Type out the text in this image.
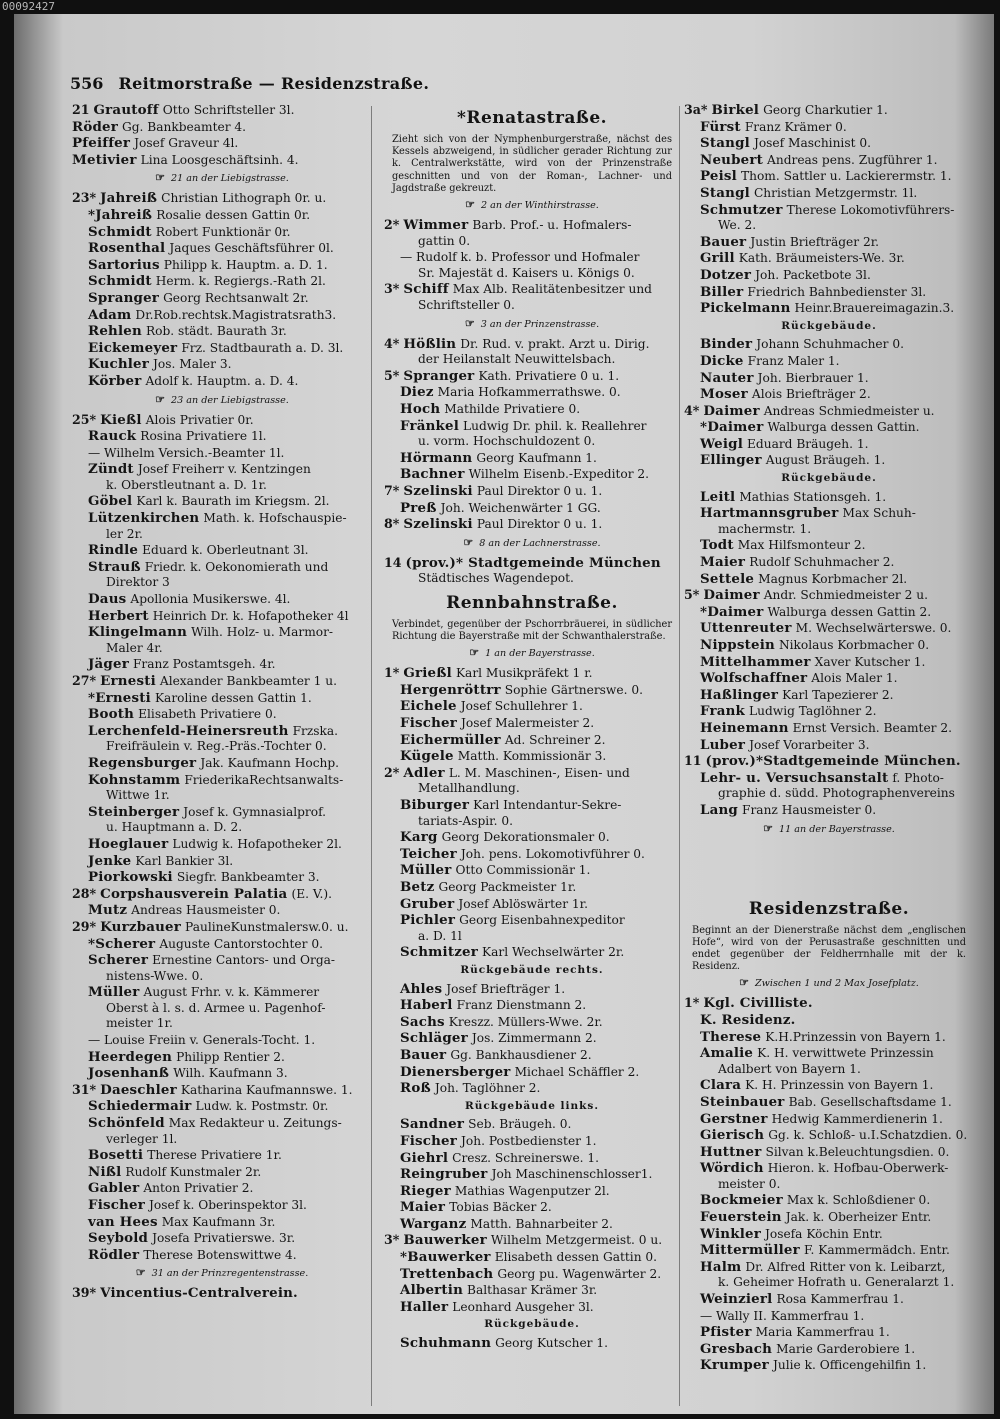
00092427
556 Reitmorstraße — Residenzstraße.
21 Grautoff Otto Schriftsteller 3l.
Röder Gg. Bankbeamter 4.
Pfeiffer Josef Graveur 4l.
Metivier Lina Loosgeschäftsinh. 4.
☞ 21 an der Liebigstrasse.
23* Jahreiß Christian Lithograph 0r. u.
*Jahreiß Rosalie dessen Gattin 0r.
Schmidt Robert Funktionär 0r.
Rosenthal Jaques Geschäftsführer 0l.
Sartorius Philipp k. Hauptm. a. D. 1.
Schmidt Herm. k. Regiergs.-Rath 2l.
Spranger Georg Rechtsanwalt 2r.
Adam Dr.Rob.rechtsk.Magistratsrath3.
Rehlen Rob. städt. Baurath 3r.
Eickemeyer Frz. Stadtbaurath a. D. 3l.
Kuchler Jos. Maler 3.
Körber Adolf k. Hauptm. a. D. 4.
☞ 23 an der Liebigstrasse.
25* Kießl Alois Privatier 0r.
Rauck Rosina Privatiere 1l.
— Wilhelm Versich.-Beamter 1l.
Zündt Josef Freiherr v. Kentzingen
k. Oberstleutnant a. D. 1r.
Göbel Karl k. Baurath im Kriegsm. 2l.
Lützenkirchen Math. k. Hofschauspie-
ler 2r.
Rindle Eduard k. Oberleutnant 3l.
Strauß Friedr. k. Oekonomierath und
Direktor 3
Daus Apollonia Musikerswe. 4l.
Herbert Heinrich Dr. k. Hofapotheker 4l
Klingelmann Wilh. Holz- u. Marmor-
Maler 4r.
Jäger Franz Postamtsgeh. 4r.
27* Ernesti Alexander Bankbeamter 1 u.
*Ernesti Karoline dessen Gattin 1.
Booth Elisabeth Privatiere 0.
Lerchenfeld-Heinersreuth Frzska.
Freifräulein v. Reg.-Präs.-Tochter 0.
Regensburger Jak. Kaufmann Hochp.
Kohnstamm FriederikaRechtsanwalts-
Wittwe 1r.
Steinberger Josef k. Gymnasialprof.
u. Hauptmann a. D. 2.
Hoeglauer Ludwig k. Hofapotheker 2l.
Jenke Karl Bankier 3l.
Piorkowski Siegfr. Bankbeamter 3.
28* Corpshausverein Palatia (E. V.).
Mutz Andreas Hausmeister 0.
29* Kurzbauer PaulineKunstmalersw.0. u.
*Scherer Auguste Cantorstochter 0.
Scherer Ernestine Cantors- und Orga-
nistens-Wwe. 0.
Müller August Frhr. v. k. Kämmerer
Oberst à l. s. d. Armee u. Pagenhof-
meister 1r.
— Louise Freiin v. Generals-Tocht. 1.
Heerdegen Philipp Rentier 2.
Josenhanß Wilh. Kaufmann 3.
31* Daeschler Katharina Kaufmannswe. 1.
Schiedermair Ludw. k. Postmstr. 0r.
Schönfeld Max Redakteur u. Zeitungs-
verleger 1l.
Bosetti Therese Privatiere 1r.
Nißl Rudolf Kunstmaler 2r.
Gabler Anton Privatier 2.
Fischer Josef k. Oberinspektor 3l.
van Hees Max Kaufmann 3r.
Seybold Josefa Privatierswe. 3r.
Rödler Therese Botenswittwe 4.
☞ 31 an der Prinzregentenstrasse.
39* Vincentius-Centralverein.
*Renatastraße.
Zieht sich von der Nymphenburgerstraße, nächst des Kessels abzweigend, in südlicher gerader Richtung zur k. Centralwerkstätte, wird von der Prinzenstraße geschnitten und von der Roman-, Lachner- und Jagdstraße gekreuzt.
☞ 2 an der Winthirstrasse.
2* Wimmer Barb. Prof.- u. Hofmalers-
gattin 0.
— Rudolf k. b. Professor und Hofmaler
Sr. Majestät d. Kaisers u. Königs 0.
3* Schiff Max Alb. Realitätenbesitzer und
Schriftsteller 0.
☞ 3 an der Prinzenstrasse.
4* Hößlin Dr. Rud. v. prakt. Arzt u. Dirig.
der Heilanstalt Neuwittelsbach.
5* Spranger Kath. Privatiere 0 u. 1.
Diez Maria Hofkammerrathswe. 0.
Hoch Mathilde Privatiere 0.
Fränkel Ludwig Dr. phil. k. Reallehrer
u. vorm. Hochschuldozent 0.
Hörmann Georg Kaufmann 1.
Bachner Wilhelm Eisenb.-Expeditor 2.
7* Szelinski Paul Direktor 0 u. 1.
Preß Joh. Weichenwärter 1 GG.
8* Szelinski Paul Direktor 0 u. 1.
☞ 8 an der Lachnerstrasse.
14 (prov.)* Stadtgemeinde München
Städtisches Wagendepot.
Rennbahnstraße.
Verbindet, gegenüber der Pschorrbräuerei, in südlicher Richtung die Bayerstraße mit der Schwanthalerstraße.
☞ 1 an der Bayerstrasse.
1* Grießl Karl Musikpräfekt 1 r.
Hergenröttrr Sophie Gärtnerswe. 0.
Eichele Josef Schullehrer 1.
Fischer Josef Malermeister 2.
Eichermüller Ad. Schreiner 2.
Kügele Matth. Kommissionär 3.
2* Adler L. M. Maschinen-, Eisen- und
Metallhandlung.
Biburger Karl Intendantur-Sekre-
tariats-Aspir. 0.
Karg Georg Dekorationsmaler 0.
Teicher Joh. pens. Lokomotivführer 0.
Müller Otto Commissionär 1.
Betz Georg Packmeister 1r.
Gruber Josef Ablöswärter 1r.
Pichler Georg Eisenbahnexpeditor
a. D. 1l
Schmitzer Karl Wechselwärter 2r.
Rückgebäude rechts.
Ahles Josef Briefträger 1.
Haberl Franz Dienstmann 2.
Sachs Kreszz. Müllers-Wwe. 2r.
Schläger Jos. Zimmermann 2.
Bauer Gg. Bankhausdiener 2.
Dienersberger Michael Schäffler 2.
Roß Joh. Taglöhner 2.
Rückgebäude links.
Sandner Seb. Bräugeh. 0.
Fischer Joh. Postbedienster 1.
Giehrl Cresz. Schreinerswe. 1.
Reingruber Joh Maschinenschlosser1.
Rieger Mathias Wagenputzer 2l.
Maier Tobias Bäcker 2.
Warganz Matth. Bahnarbeiter 2.
3* Bauwerker Wilhelm Metzgermeist. 0 u.
*Bauwerker Elisabeth dessen Gattin 0.
Trettenbach Georg pu. Wagenwärter 2.
Albertin Balthasar Krämer 3r.
Haller Leonhard Ausgeher 3l.
Rückgebäude.
Schuhmann Georg Kutscher 1.
3a* Birkel Georg Charkutier 1.
Fürst Franz Krämer 0.
Stangl Josef Maschinist 0.
Neubert Andreas pens. Zugführer 1.
Peisl Thom. Sattler u. Lackierermstr. 1.
Stangl Christian Metzgermstr. 1l.
Schmutzer Therese Lokomotivführers-
We. 2.
Bauer Justin Briefträger 2r.
Grill Kath. Bräumeisters-We. 3r.
Dotzer Joh. Packetbote 3l.
Biller Friedrich Bahnbedienster 3l.
Pickelmann Heinr.Brauereimagazin.3.
Rückgebäude.
Binder Johann Schuhmacher 0.
Dicke Franz Maler 1.
Nauter Joh. Bierbrauer 1.
Moser Alois Briefträger 2.
4* Daimer Andreas Schmiedmeister u.
*Daimer Walburga dessen Gattin.
Weigl Eduard Bräugeh. 1.
Ellinger August Bräugeh. 1.
Rückgebäude.
Leitl Mathias Stationsgeh. 1.
Hartmannsgruber Max Schuh-
machermstr. 1.
Todt Max Hilfsmonteur 2.
Maier Rudolf Schuhmacher 2.
Settele Magnus Korbmacher 2l.
5* Daimer Andr. Schmiedmeister 2 u.
*Daimer Walburga dessen Gattin 2.
Uttenreuter M. Wechselwärterswe. 0.
Nippstein Nikolaus Korbmacher 0.
Mittelhammer Xaver Kutscher 1.
Wolfschaffner Alois Maler 1.
Haßlinger Karl Tapezierer 2.
Frank Ludwig Taglöhner 2.
Heinemann Ernst Versich. Beamter 2.
Luber Josef Vorarbeiter 3.
11 (prov.)*Stadtgemeinde München.
Lehr- u. Versuchsanstalt f. Photo-
graphie d. südd. Photographenvereins
Lang Franz Hausmeister 0.
☞ 11 an der Bayerstrasse.
Residenzstraße.
Beginnt an der Dienerstraße nächst dem „englischen Hofe“, wird von der Perusastraße geschnitten und endet gegenüber der Feldherrnhalle mit der k. Residenz.
☞ Zwischen 1 und 2 Max Josefplatz.
1* Kgl. Civilliste.
K. Residenz.
Therese K.H.Prinzessin von Bayern 1.
Amalie K. H. verwittwete Prinzessin
Adalbert von Bayern 1.
Clara K. H. Prinzessin von Bayern 1.
Steinbauer Bab. Gesellschaftsdame 1.
Gerstner Hedwig Kammerdienerin 1.
Gierisch Gg. k. Schloß- u.I.Schatzdien. 0.
Huttner Silvan k.Beleuchtungsdien. 0.
Wördich Hieron. k. Hofbau-Oberwerk-
meister 0.
Bockmeier Max k. Schloßdiener 0.
Feuerstein Jak. k. Oberheizer Entr.
Winkler Josefa Köchin Entr.
Mittermüller F. Kammermädch. Entr.
Halm Dr. Alfred Ritter von k. Leibarzt,
k. Geheimer Hofrath u. Generalarzt 1.
Weinzierl Rosa Kammerfrau 1.
— Wally II. Kammerfrau 1.
Pfister Maria Kammerfrau 1.
Gresbach Marie Garderobiere 1.
Krumper Julie k. Officengehilfin 1.
